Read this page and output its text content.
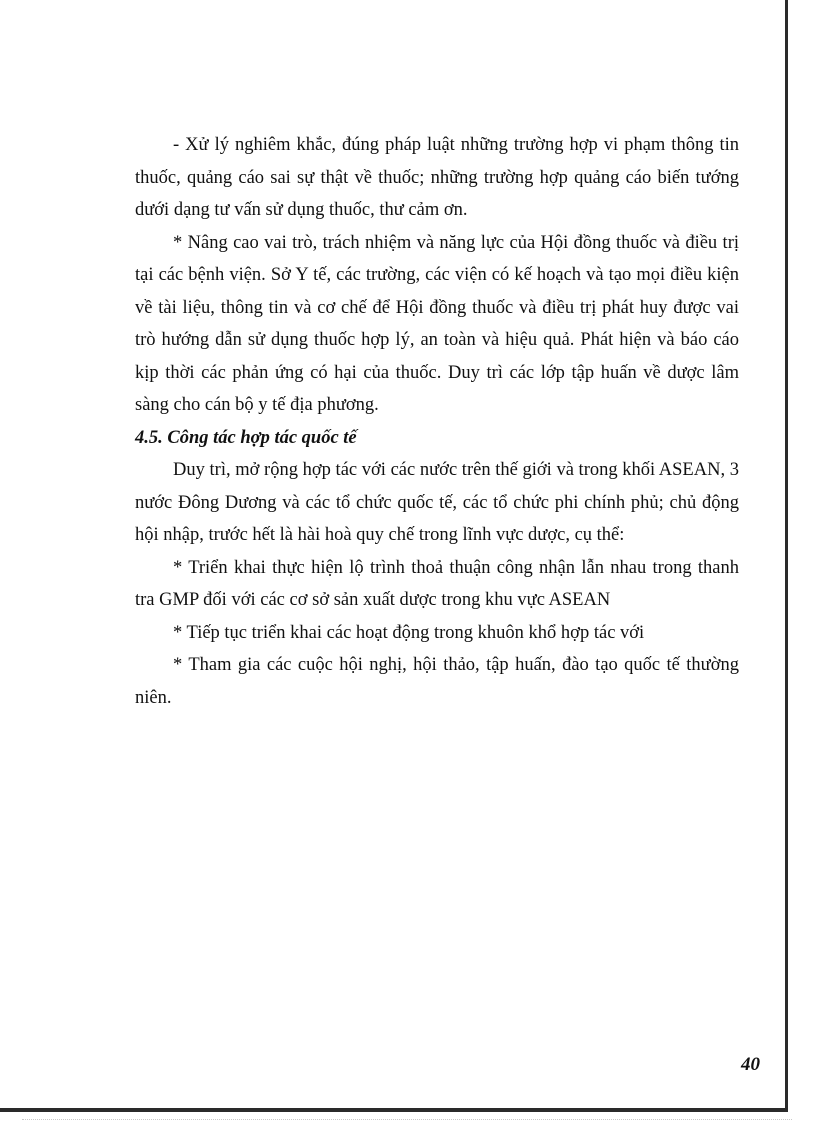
- Xử lý nghiêm khắc, đúng pháp luật những trường hợp vi phạm thông tin thuốc, quảng cáo sai sự thật về thuốc; những trường hợp quảng cáo biến tướng dưới dạng tư vấn sử dụng thuốc, thư cảm ơn.

* Nâng cao vai trò, trách nhiệm và năng lực của Hội đồng thuốc và điều trị tại các bệnh viện. Sở Y tế, các trường, các viện có kế hoạch và tạo mọi điều kiện về tài liệu, thông tin và cơ chế để Hội đồng thuốc và điều trị phát huy được vai trò hướng dẫn sử dụng thuốc hợp lý, an toàn và hiệu quả. Phát hiện và báo cáo kịp thời các phản ứng có hại của thuốc. Duy trì các lớp tập huấn về dược lâm sàng cho cán bộ y tế địa phương.

4.5. Công tác hợp tác quốc tế

Duy trì, mở rộng hợp tác với các nước trên thế giới và trong khối ASEAN, 3 nước Đông Dương và các tổ chức quốc tế, các tổ chức phi chính phủ; chủ động hội nhập, trước hết là hài hoà quy chế trong lĩnh vực dược, cụ thể:

* Triển khai thực hiện lộ trình thoả thuận công nhận lẫn nhau trong thanh tra GMP đối với các cơ sở sản xuất dược trong khu vực ASEAN

* Tiếp tục triển khai các hoạt động trong khuôn khổ hợp tác với

* Tham gia các cuộc hội nghị, hội thảo, tập huấn, đào tạo quốc tế thường niên.

40
